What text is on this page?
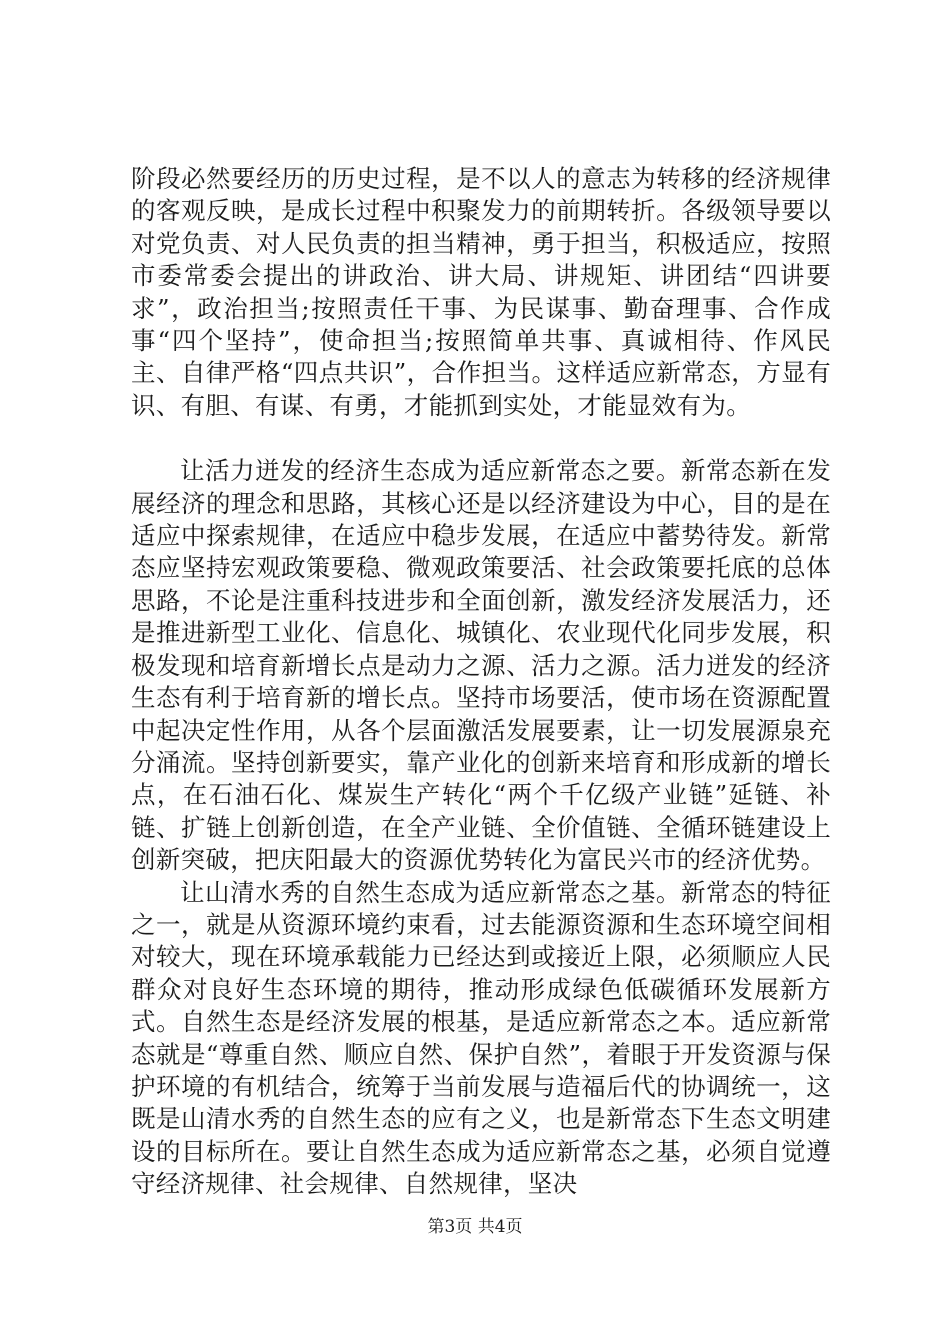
阶段必然要经历的历史过程，是不以人的意志为转移的经济规律的客观反映，是成长过程中积聚发力的前期转折。各级领导要以对党负责、对人民负责的担当精神，勇于担当，积极适应，按照市委常委会提出的讲政治、讲大局、讲规矩、讲团结“四讲要求”，政治担当;按照责任干事、为民谋事、勤奋理事、合作成事“四个坚持”，使命担当;按照简单共事、真诚相待、作风民主、自律严格“四点共识”，合作担当。这样适应新常态，方显有识、有胆、有谋、有勇，才能抓到实处，才能显效有为。

让活力迸发的经济生态成为适应新常态之要。新常态新在发展经济的理念和思路，其核心还是以经济建设为中心，目的是在适应中探索规律，在适应中稳步发展，在适应中蓄势待发。新常态应坚持宏观政策要稳、微观政策要活、社会政策要托底的总体思路，不论是注重科技进步和全面创新，激发经济发展活力，还是推进新型工业化、信息化、城镇化、农业现代化同步发展，积极发现和培育新增长点是动力之源、活力之源。活力迸发的经济生态有利于培育新的增长点。坚持市场要活，使市场在资源配置中起决定性作用，从各个层面激活发展要素，让一切发展源泉充分涌流。坚持创新要实，靠产业化的创新来培育和形成新的增长点，在石油石化、煤炭生产转化“两个千亿级产业链”延链、补链、扩链上创新创造，在全产业链、全价值链、全循环链建设上创新突破，把庆阳最大的资源优势转化为富民兴市的经济优势。

让山清水秀的自然生态成为适应新常态之基。新常态的特征之一，就是从资源环境约束看，过去能源资源和生态环境空间相对较大，现在环境承载能力已经达到或接近上限，必须顺应人民群众对良好生态环境的期待，推动形成绿色低碳循环发展新方式。自然生态是经济发展的根基，是适应新常态之本。适应新常态就是“尊重自然、顺应自然、保护自然”，着眼于开发资源与保护环境的有机结合，统筹于当前发展与造福后代的协调统一，这既是山清水秀的自然生态的应有之义，也是新常态下生态文明建设的目标所在。要让自然生态成为适应新常态之基，必须自觉遵守经济规律、社会规律、自然规律，坚决

第3页 共4页
